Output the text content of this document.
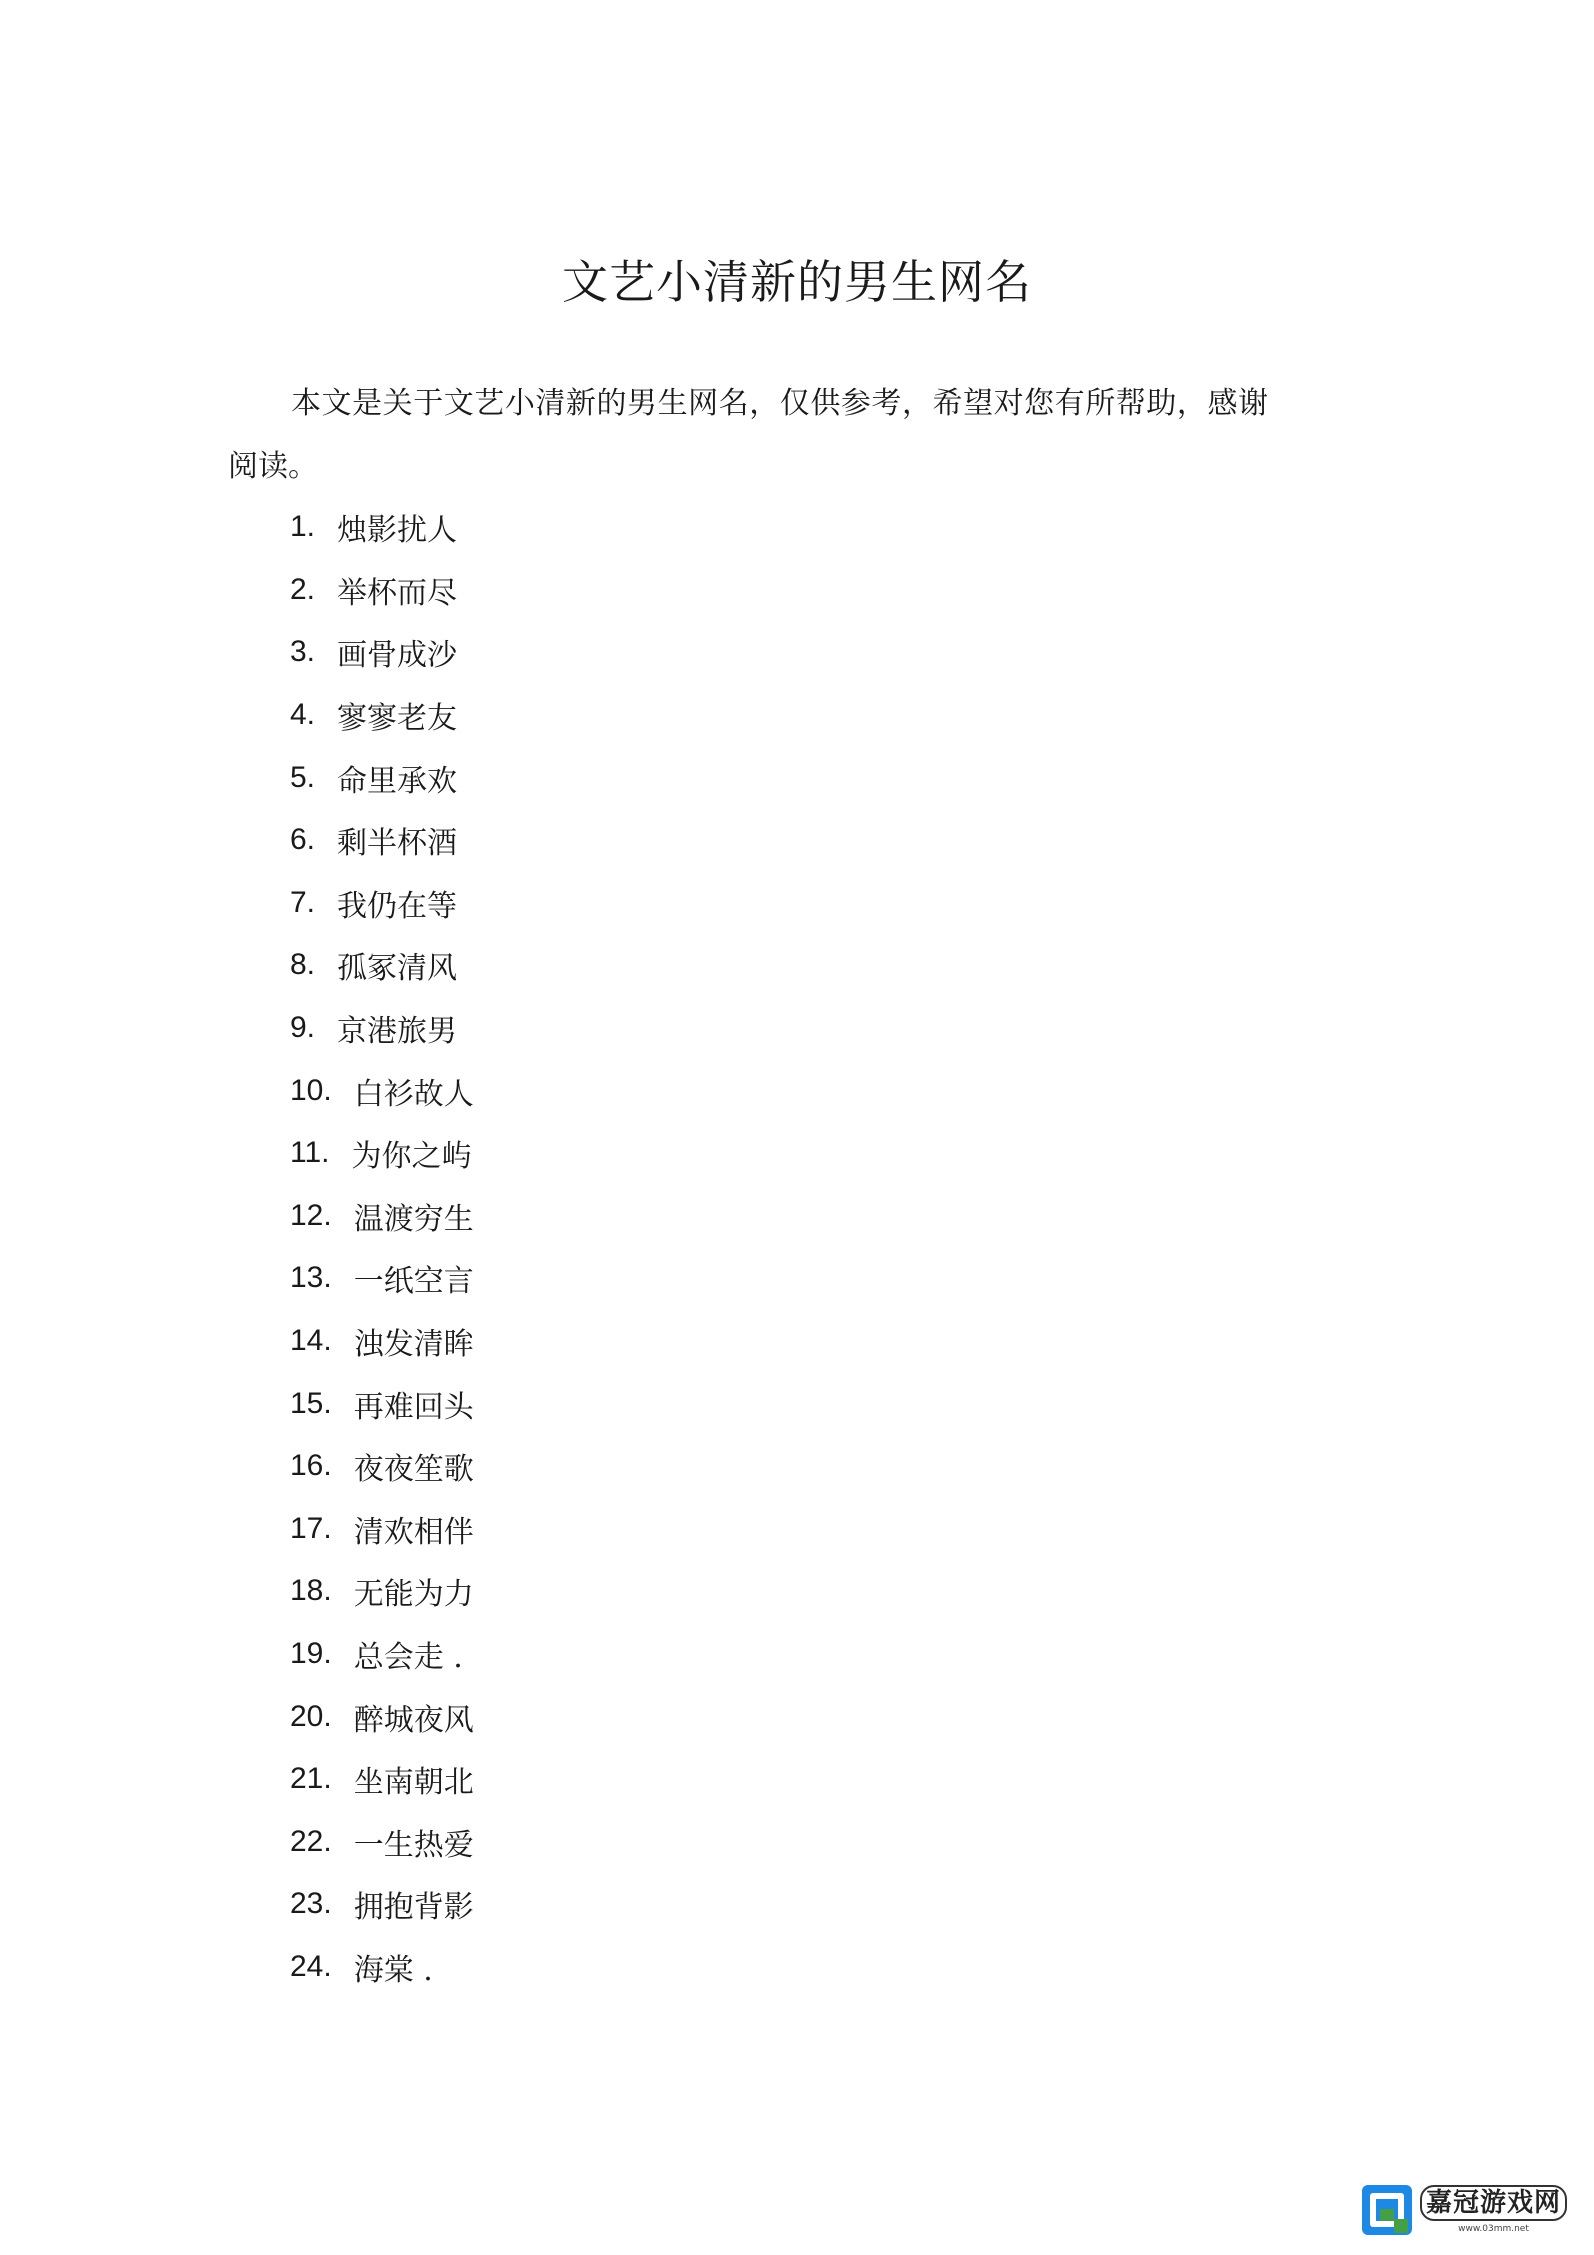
文艺小清新的男生网名

本文是关于文艺小清新的男生网名，仅供参考，希望对您有所帮助，感谢阅读。

1. 烛影扰人
2. 举杯而尽
3. 画骨成沙
4. 寥寥老友
5. 命里承欢
6. 剩半杯酒
7. 我仍在等
8. 孤冢清风
9. 京港旅男
10. 白衫故人
11. 为你之屿
12. 温渡穷生
13. 一纸空言
14. 浊发清眸
15. 再难回头
16. 夜夜笙歌
17. 清欢相伴
18. 无能为力
19. 总会走 .
20. 醉城夜风
21. 坐南朝北
22. 一生热爱
23. 拥抱背影
24. 海棠 .
嘉冠游戏网
www.03mm.net
